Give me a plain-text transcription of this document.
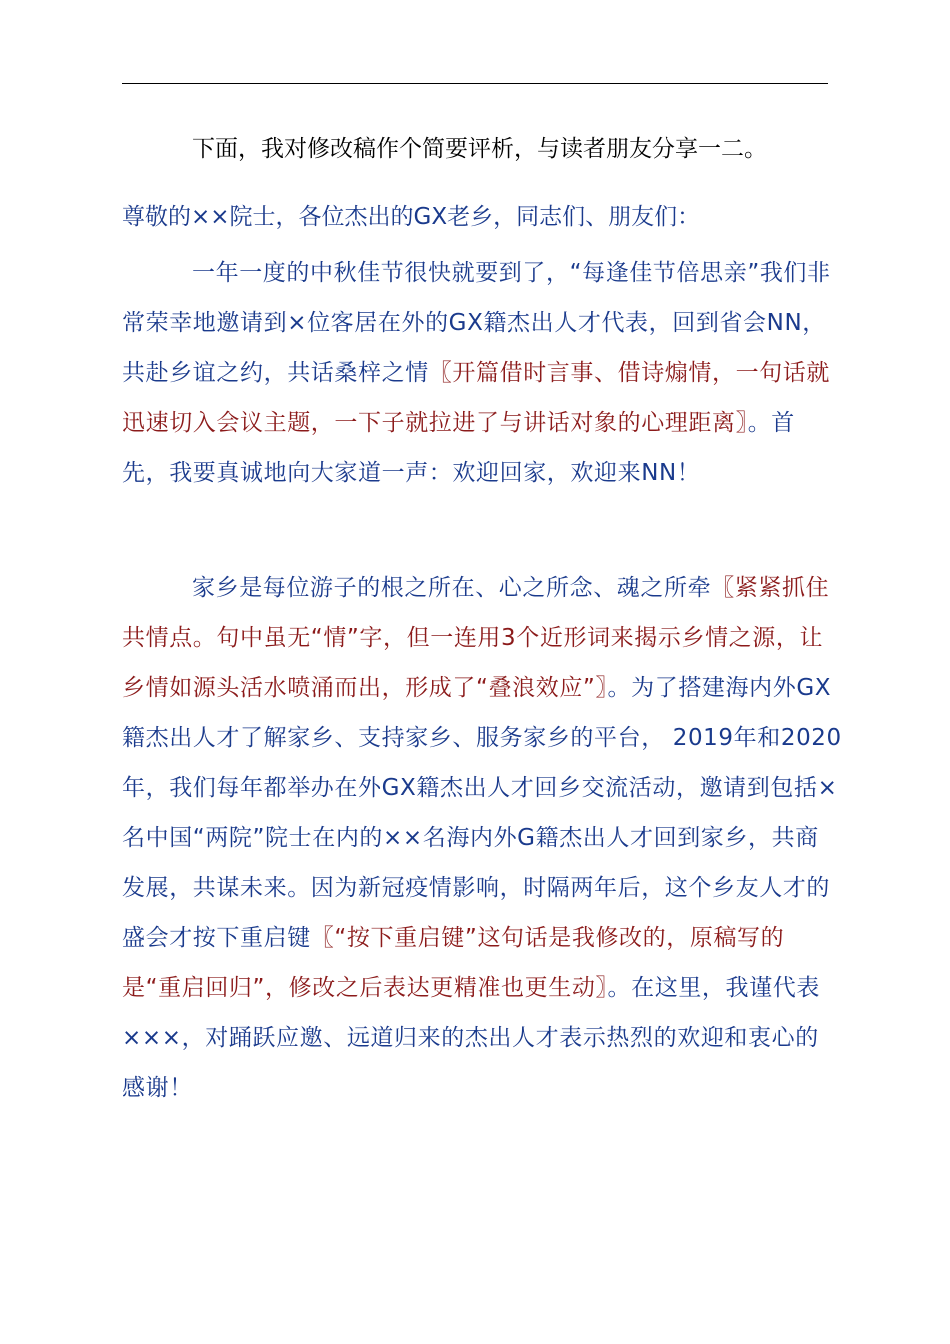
下面，我对修改稿作个简要评析，与读者朋友分享一二。

尊敬的××院士，各位杰出的GX老乡，同志们、朋友们：

一年一度的中秋佳节很快就要到了，“每逢佳节倍思亲”我们非常荣幸地邀请到×位客居在外的GX籍杰出人才代表，回到省会NN，共赴乡谊之约，共话桑梓之情〖开篇借时言事、借诗煽情，一句话就迅速切入会议主题，一下子就拉进了与讲话对象的心理距离〗。首先，我要真诚地向大家道一声：欢迎回家，欢迎来NN！

家乡是每位游子的根之所在、心之所念、魂之所牵〖紧紧抓住共情点。句中虽无“情”字，但一连用3个近形词来揭示乡情之源，让乡情如源头活水喷涌而出，形成了“叠浪效应”〗。为了搭建海内外GX籍杰出人才了解家乡、支持家乡、服务家乡的平台， 2019年和2020年，我们每年都举办在外GX籍杰出人才回乡交流活动，邀请到包括×名中国“两院”院士在内的××名海内外G籍杰出人才回到家乡，共商发展，共谋未来。因为新冠疫情影响，时隔两年后，这个乡友人才的盛会才按下重启键〖“按下重启键”这句话是我修改的，原稿写的是“重启回归”，修改之后表达更精准也更生动〗。在这里，我谨代表×××，对踊跃应邀、远道归来的杰出人才表示热烈的欢迎和衷心的感谢！
